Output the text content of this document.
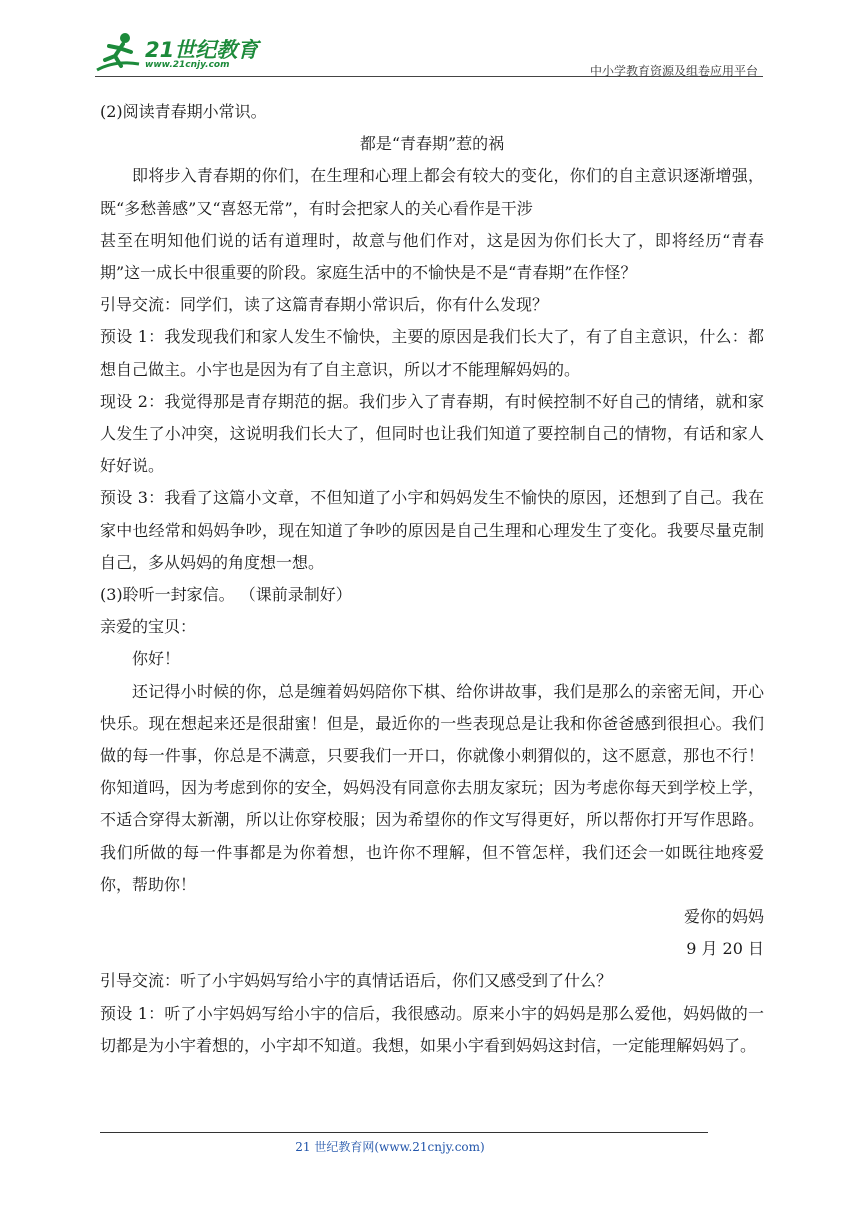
21世纪教育
www.21cnjy.com	中小学教育资源及组卷应用平台

(2)阅读青春期小常识。

都是“青春期”惹的祸

即将步入青春期的你们，在生理和心理上都会有较大的变化，你们的自主意识逐渐增强，既“多愁善感”又“喜怒无常”，有时会把家人的关心看作是干涉

甚至在明知他们说的话有道理时，故意与他们作对，这是因为你们长大了，即将经历“青春期”这一成长中很重要的阶段。家庭生活中的不愉快是不是“青春期”在作怪？

引导交流：同学们，读了这篇青春期小常识后，你有什么发现？

预设 1：我发现我们和家人发生不愉快，主要的原因是我们长大了，有了自主意识，什么：都想自己做主。小宇也是因为有了自主意识，所以才不能理解妈妈的。

现设 2：我觉得那是青存期范的据。我们步入了青春期，有时候控制不好自己的情绪，就和家人发生了小冲突，这说明我们长大了，但同时也让我们知道了要控制自己的情物，有话和家人好好说。

预设 3：我看了这篇小文章，不但知道了小宇和妈妈发生不愉快的原因，还想到了自己。我在家中也经常和妈妈争吵，现在知道了争吵的原因是自己生理和心理发生了变化。我要尽量克制自己，多从妈妈的角度想一想。

(3)聆听一封家信。 （课前录制好）

亲爱的宝贝：

你好！

还记得小时候的你，总是缠着妈妈陪你下棋、给你讲故事，我们是那么的亲密无间，开心快乐。现在想起来还是很甜蜜！但是，最近你的一些表现总是让我和你爸爸感到很担心。我们做的每一件事，你总是不满意，只要我们一开口，你就像小刺猬似的，这不愿意，那也不行！你知道吗，因为考虑到你的安全，妈妈没有同意你去朋友家玩；因为考虑你每天到学校上学，不适合穿得太新潮，所以让你穿校服；因为希望你的作文写得更好，所以帮你打开写作思路。我们所做的每一件事都是为你着想，也许你不理解，但不管怎样，我们还会一如既往地疼爱你，帮助你！

爱你的妈妈

9 月 20 日

引导交流：听了小宇妈妈写给小宇的真情话语后，你们又感受到了什么？

预设 1：听了小宇妈妈写给小宇的信后，我很感动。原来小宇的妈妈是那么爱他，妈妈做的一切都是为小宇着想的，小宇却不知道。我想，如果小宇看到妈妈这封信，一定能理解妈妈了。

21 世纪教育网(www.21cnjy.com)
